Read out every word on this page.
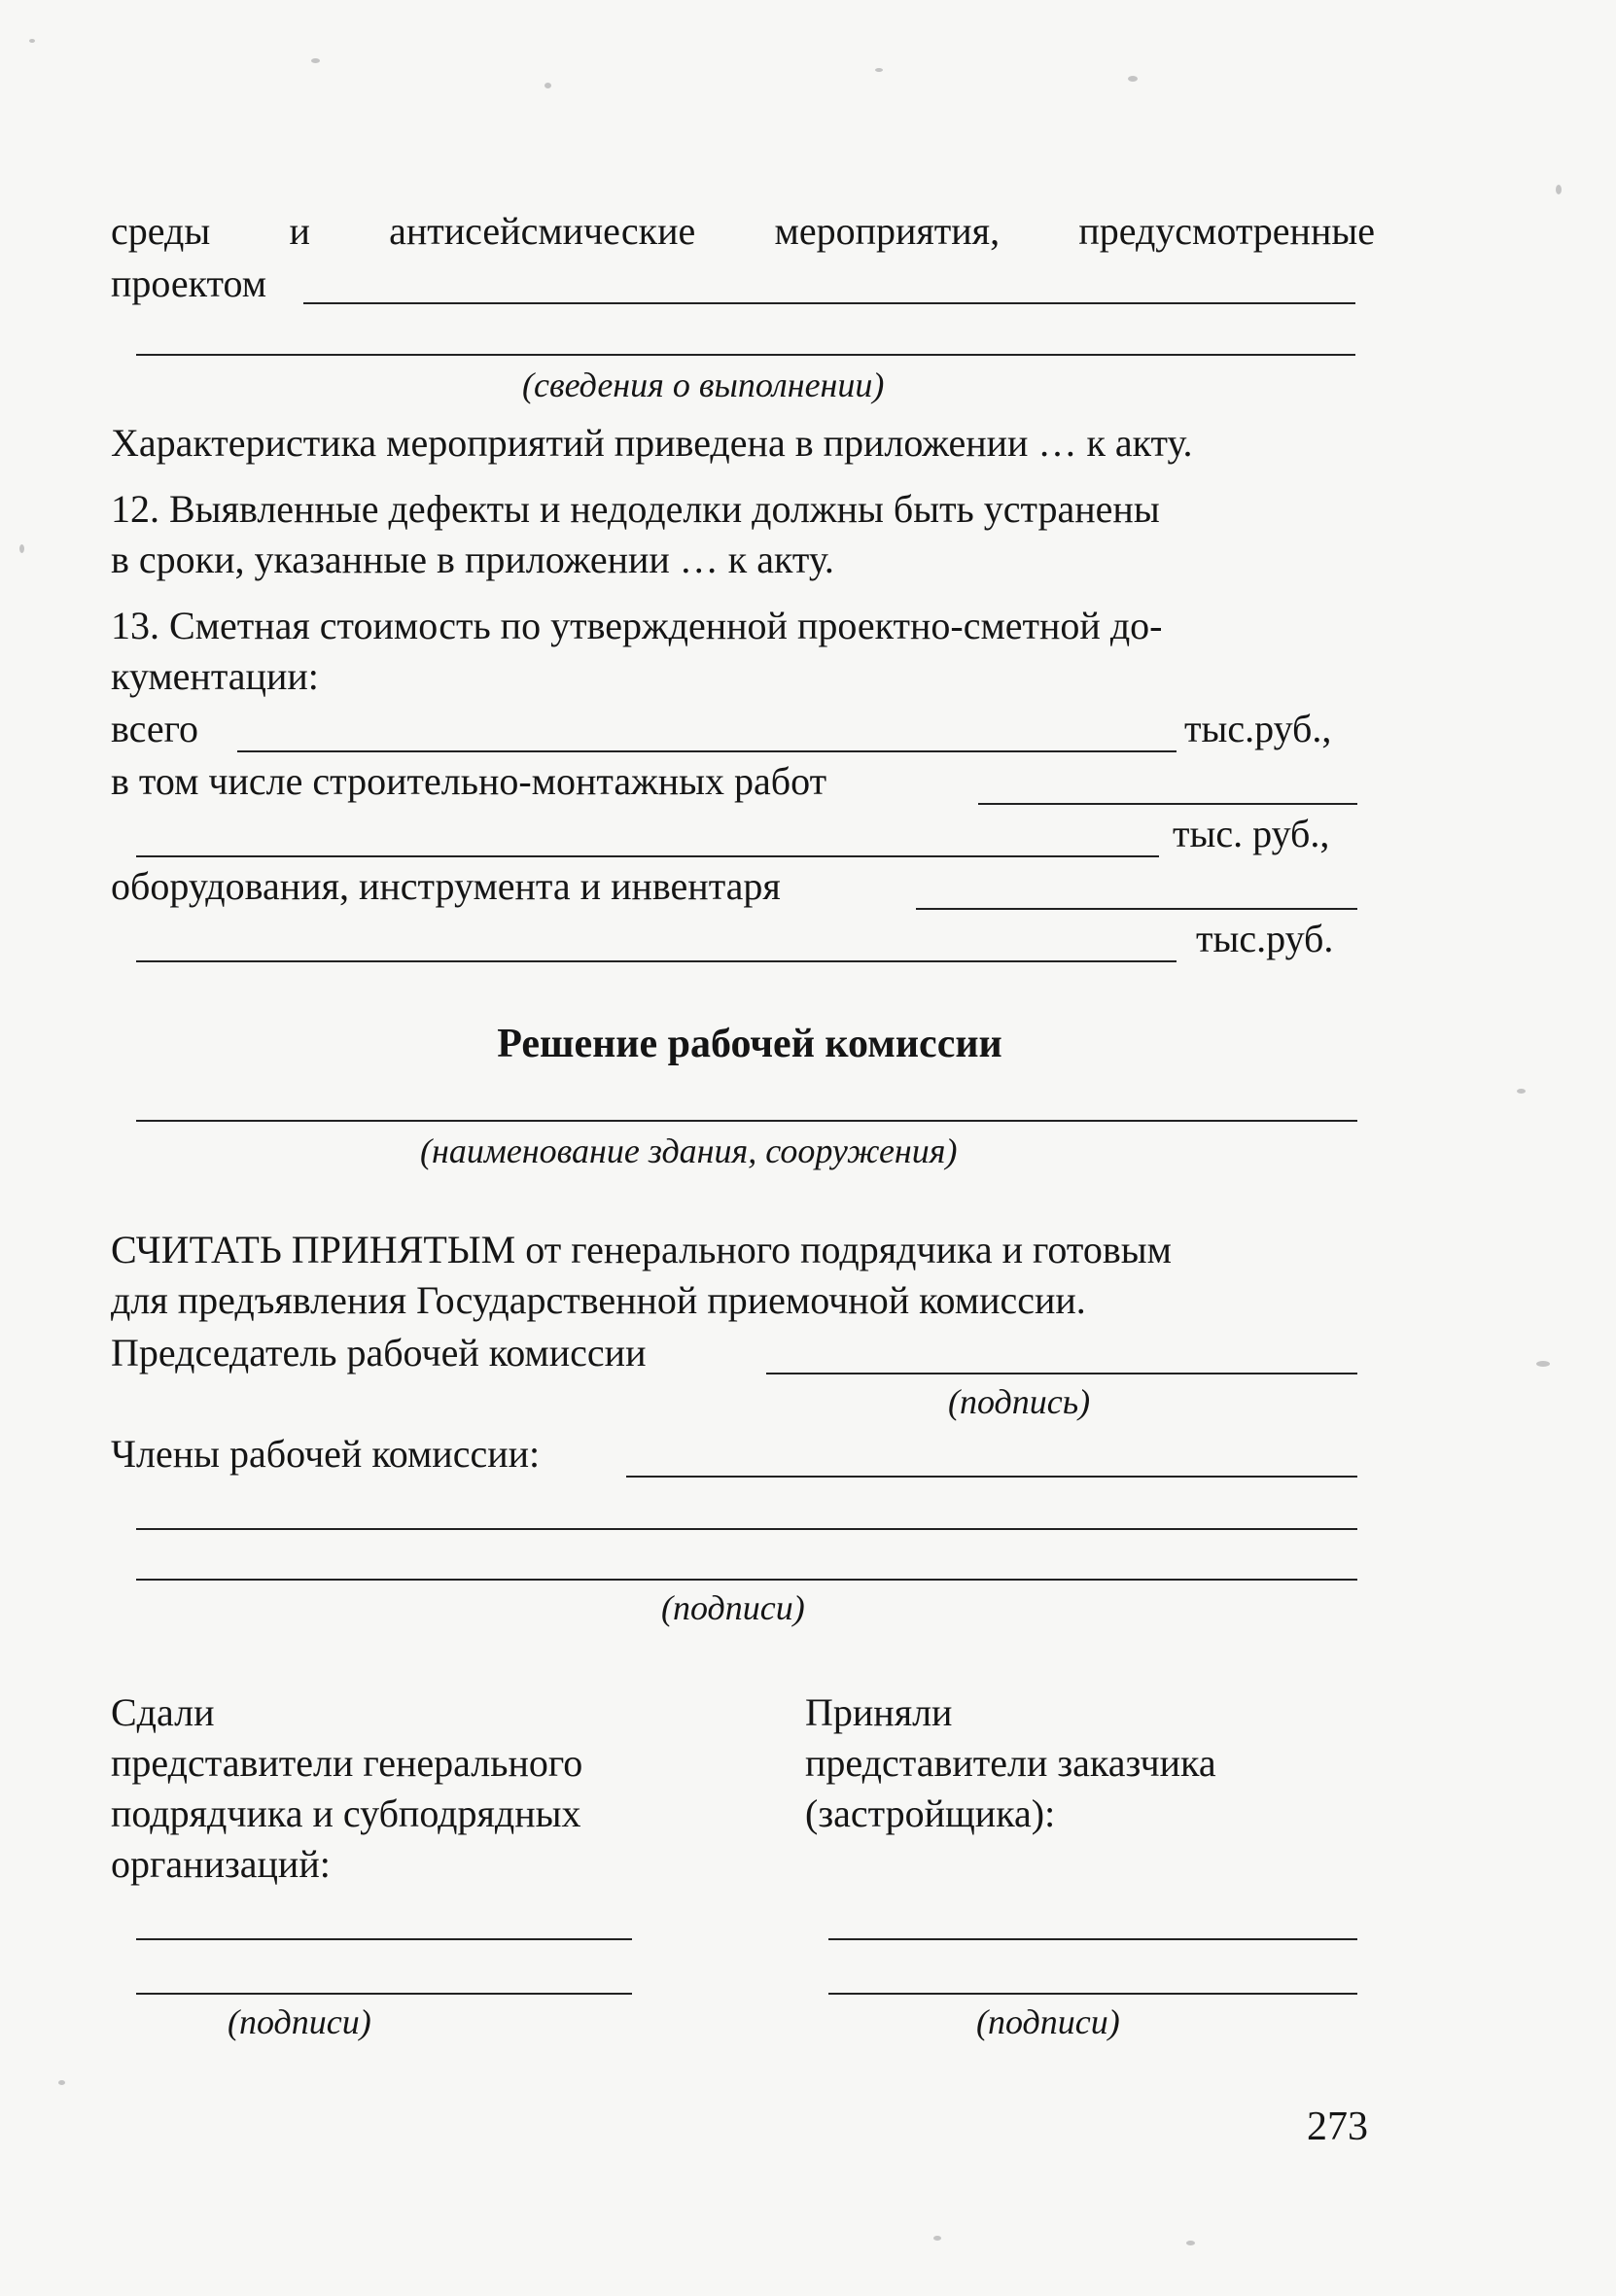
среды и антисейсмические мероприятия, предусмотренные
проектом
(сведения о выполнении)
Характеристика мероприятий приведена в приложении … к акту.
12. Выявленные дефекты и недоделки должны быть устранены
в сроки, указанные в приложении … к акту.
13. Сметная стоимость по утвержденной проектно-сметной до-
кументации:
всего	тыс.руб.,
в том числе строительно-монтажных работ
тыс. руб.,
оборудования, инструмента и инвентаря
тыс.руб.
Решение рабочей комиссии
(наименование здания, сооружения)
СЧИТАТЬ ПРИНЯТЫМ от генерального подрядчика и готовым
для предъявления Государственной приемочной комиссии.
Председатель рабочей комиссии
(подпись)
Члены рабочей комиссии:
(подписи)
Сдали
представители генерального
подрядчика и субподрядных
организаций:
Приняли
представители заказчика
(застройщика):
(подписи)	(подписи)
273
